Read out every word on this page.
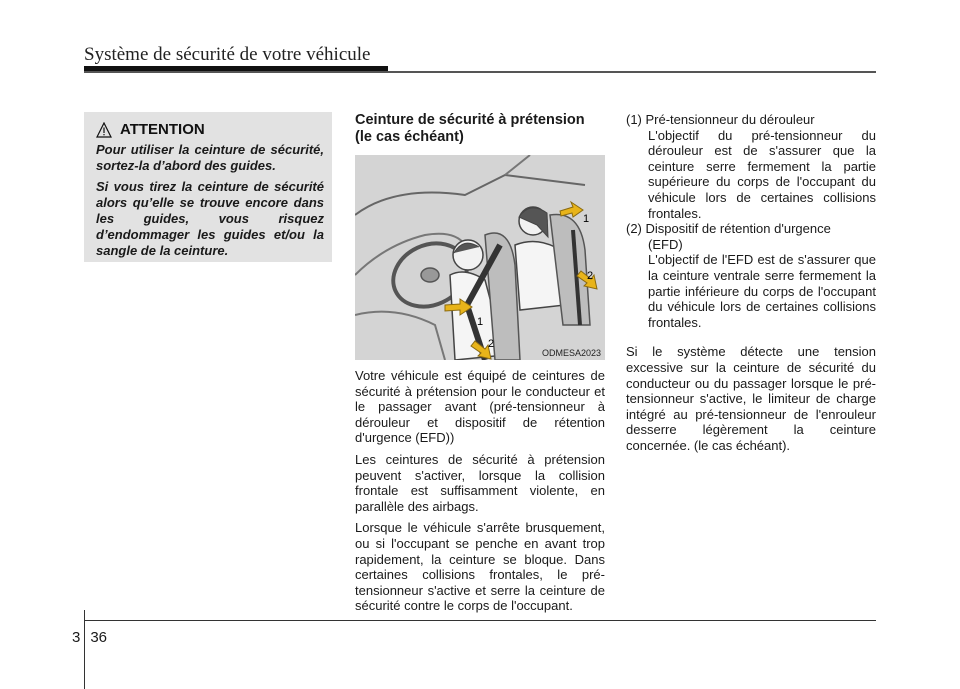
Système de sécurité de votre véhicule
ATTENTION

Pour utiliser la ceinture de sécurité, sortez-la d’abord des guides.

Si vous tirez la ceinture de sécurité alors qu’elle se trouve encore dans les guides, vous risquez d’endommager les guides et/ou la sangle de la ceinture.

Ceinture de sécurité à prétension (le cas échéant)
1
2
1
2
ODMESA2023

Votre véhicule est équipé de ceintures de sécurité à prétension pour le conducteur et le passager avant (pré-tensionneur à dérouleur et dispositif de rétention d'urgence (EFD))

Les ceintures de sécurité à prétension peuvent s'activer, lorsque la collision frontale est suffisamment violente, en parallèle des airbags.

Lorsque le véhicule s'arrête brusquement, ou si l'occupant se penche en avant trop rapidement, la ceinture se bloque. Dans certaines collisions frontales, le pré-tensionneur s'active et serre la ceinture de sécurité contre le corps de l'occupant.

(1) Pré-tensionneur du dérouleur
L'objectif du pré-tensionneur du dérouleur est de s'assurer que la ceinture serre fermement la partie supérieure du corps de l'occupant du véhicule lors de certaines collisions frontales.
(2) Dispositif de rétention d'urgence
(EFD)
L'objectif de l'EFD est de s'assurer que la ceinture ventrale serre fermement la partie inférieure du corps de l'occupant du véhicule lors de certaines collisions frontales.

Si le système détecte une tension excessive sur la ceinture de sécurité du conducteur ou du passager lorsque le pré-tensionneur s'active, le limiteur de charge intégré au pré-tensionneur de l'enrouleur desserre légèrement la ceinture concernée. (le cas échéant).

3 36
